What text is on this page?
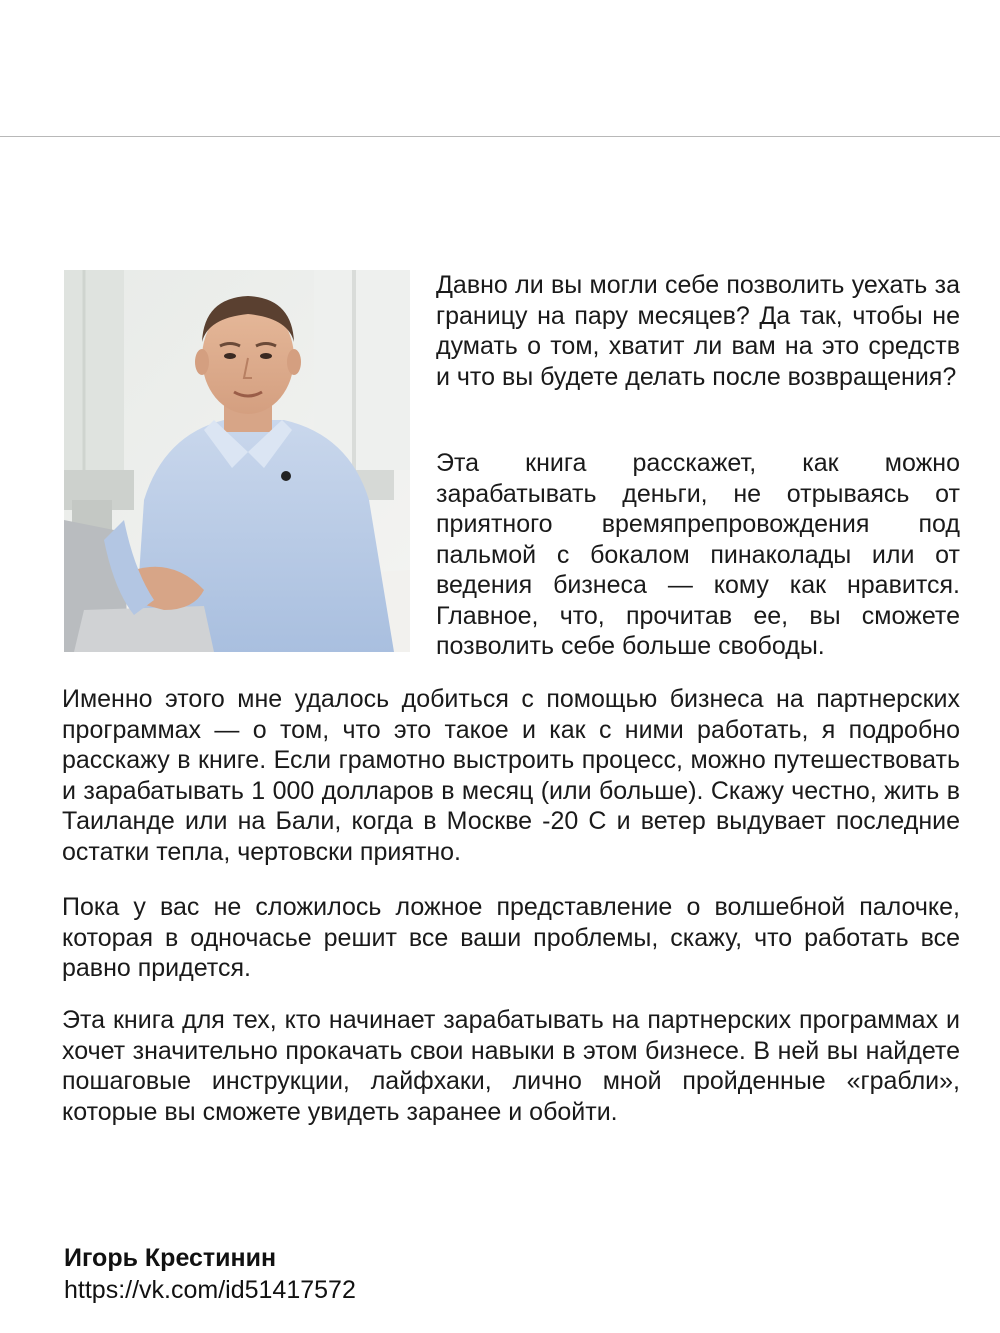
Давно ли вы могли себе позволить уехать за границу на пару месяцев? Да так, чтобы не думать о том, хватит ли вам на это средств и что вы будете делать после возвращения?

Эта книга расскажет, как можно зарабатывать деньги, не отрываясь от приятного времяпрепровождения под пальмой с бокалом пинаколады или от ведения бизнеса — кому как нравится. Главное, что, прочитав ее, вы сможете позволить себе больше свободы.

Именно этого мне удалось добиться с помощью бизнеса на партнерских программах — о том, что это такое и как с ними работать, я подробно расскажу в книге. Если грамотно выстроить процесс, можно путешествовать и зарабатывать 1 000 долларов в месяц (или больше). Скажу честно, жить в Таиланде или на Бали, когда в Москве -20 С и ветер выдувает последние остатки тепла, чертовски приятно.

Пока у вас не сложилось ложное представление о волшебной палочке, которая в одночасье решит все ваши проблемы, скажу, что работать все равно придется.

Эта книга для тех, кто начинает зарабатывать на партнерских программах и хочет значительно прокачать свои навыки в этом бизнесе. В ней вы найдете пошаговые инструкции, лайфхаки, лично мной пройденные «грабли», которые вы сможете увидеть заранее и обойти.

Игорь Крестинин

https://vk.com/id51417572
